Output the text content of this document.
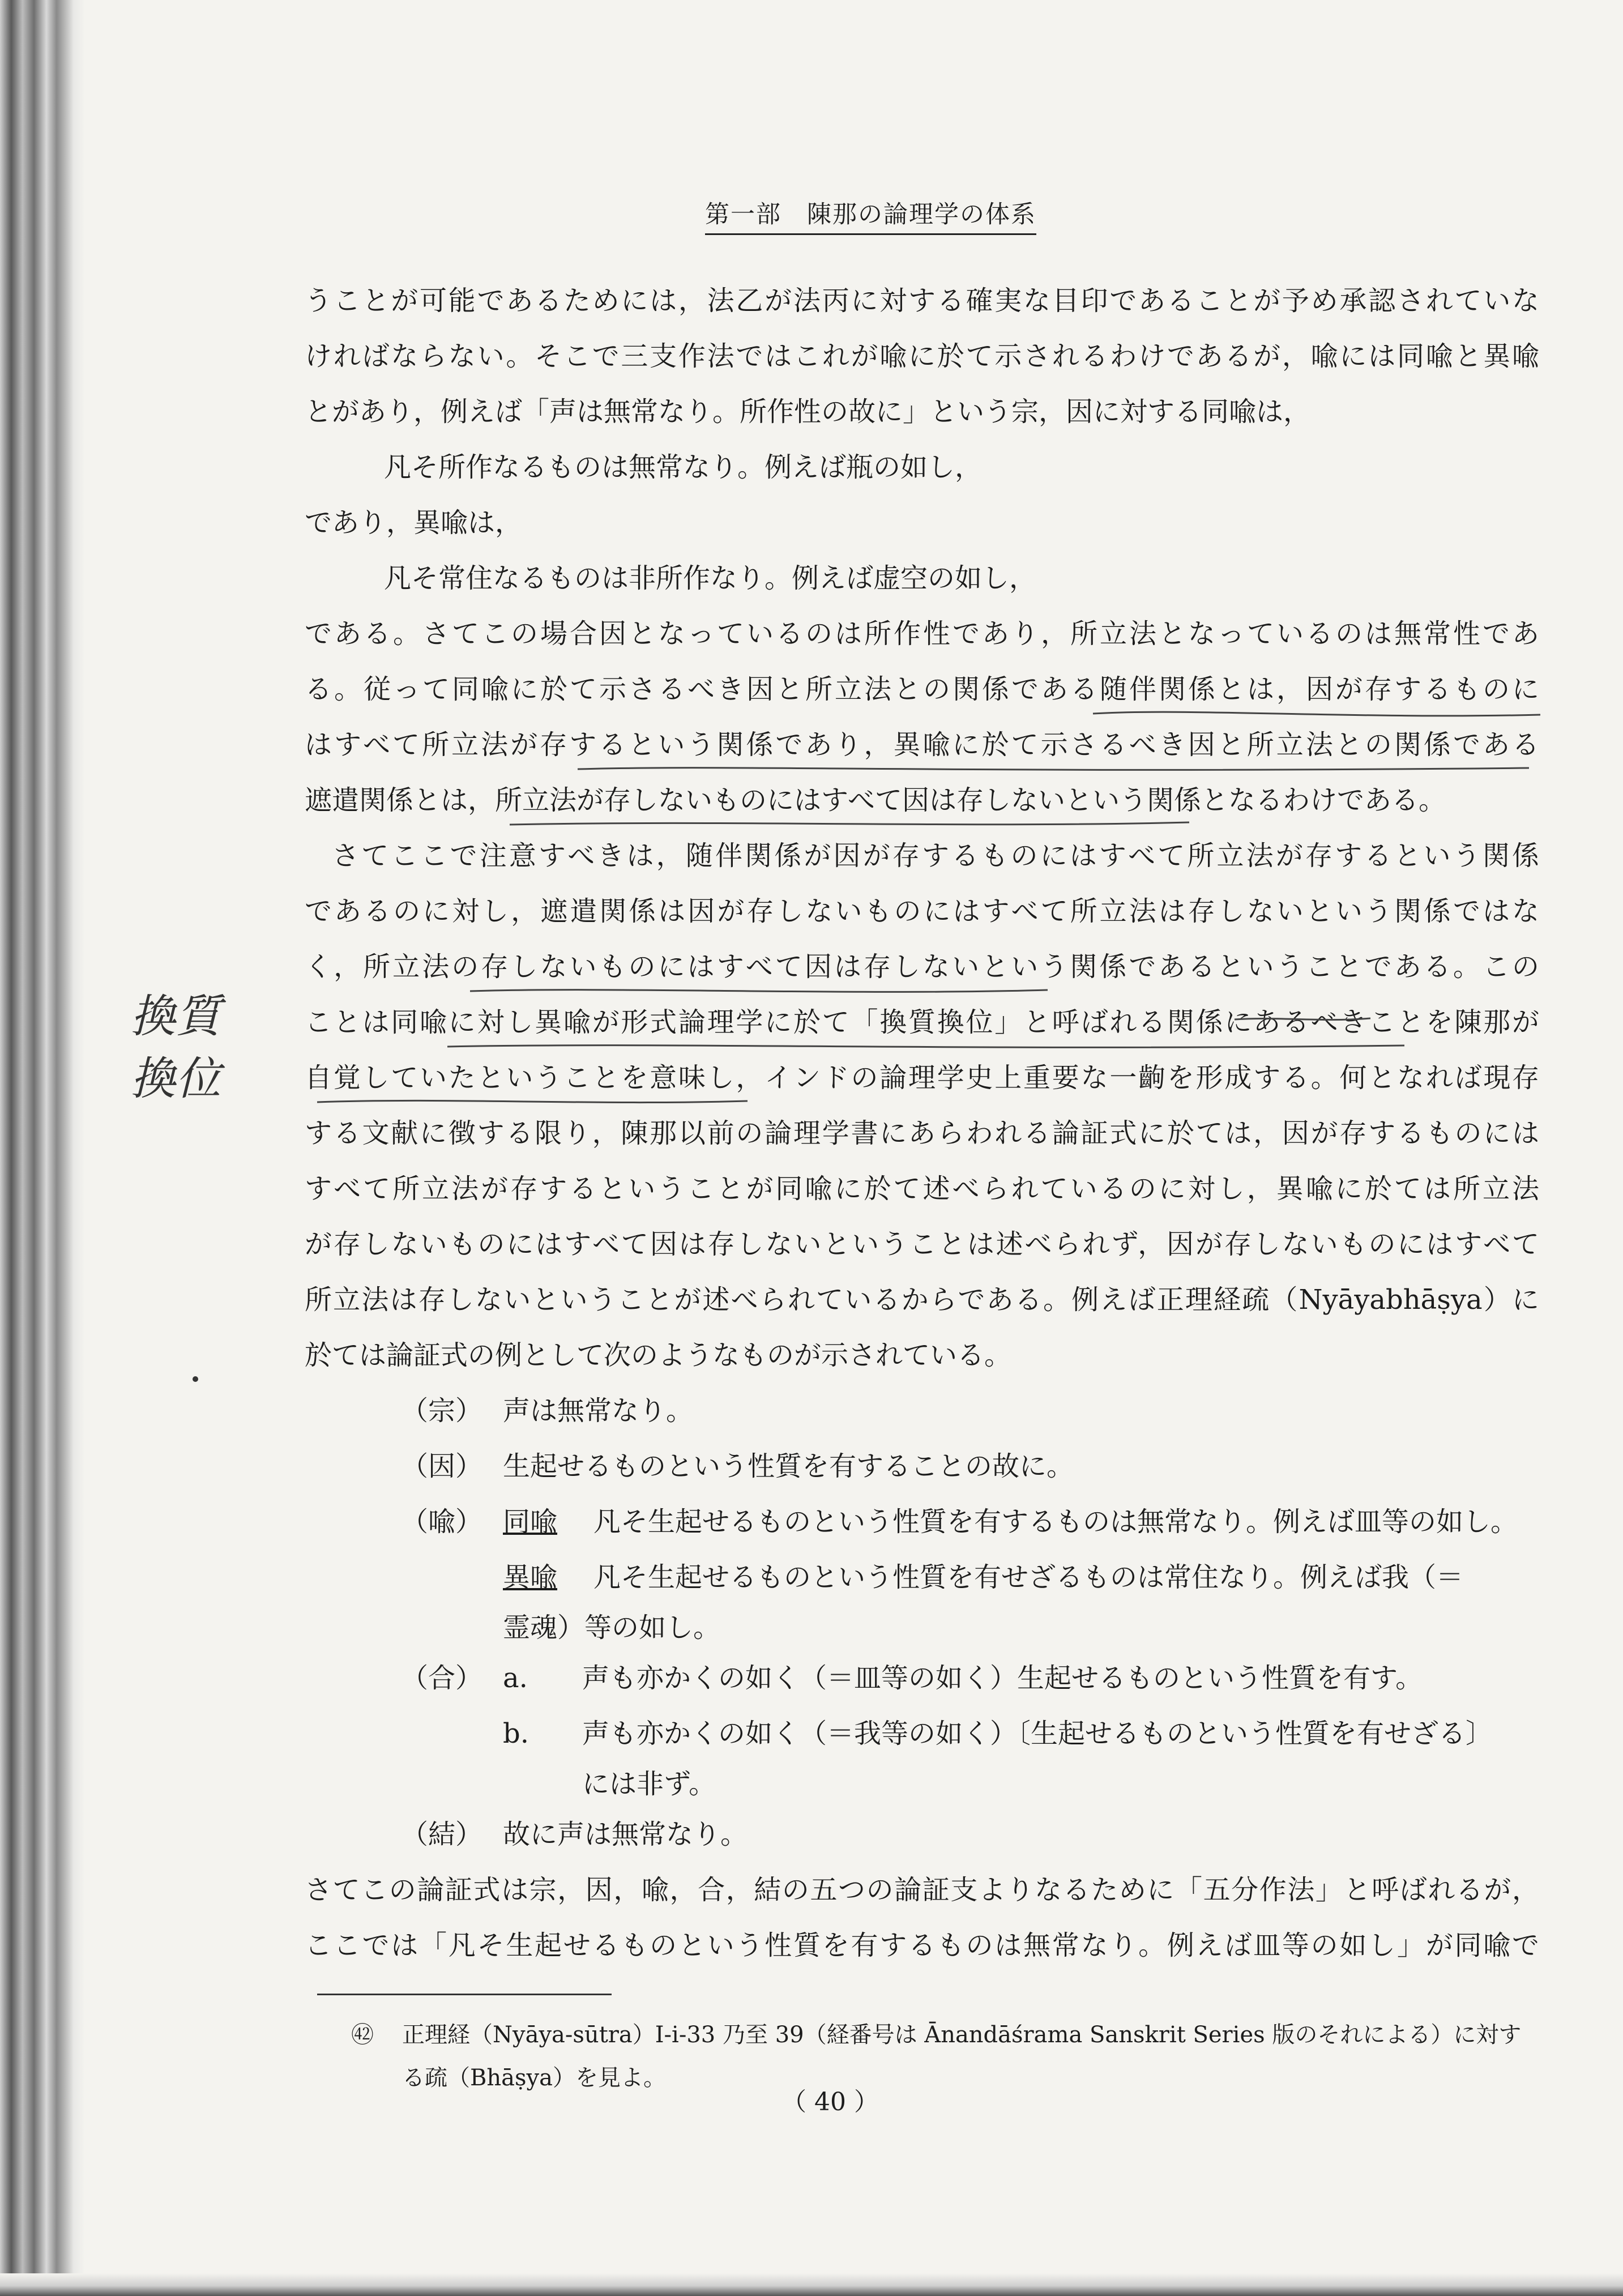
第一部　陳那の論理学の体系

うことが可能であるためには，法乙が法丙に対する確実な目印であることが予め承認されていな

ければならない。そこで三支作法ではこれが喩に於て示されるわけであるが，喩には同喩と異喩

とがあり，例えば「声は無常なり。所作性の故に」という宗，因に対する同喩は，

凡そ所作なるものは無常なり。例えば瓶の如し，

であり，異喩は，

凡そ常住なるものは非所作なり。例えば虚空の如し，

である。さてこの場合因となっているのは所作性であり，所立法となっているのは無常性であ

る。従って同喩に於て示さるべき因と所立法との関係である随伴関係とは，因が存するものに

はすべて所立法が存するという関係であり，異喩に於て示さるべき因と所立法との関係である

遮遣関係とは，所立法が存しないものにはすべて因は存しないという関係となるわけである。

さてここで注意すべきは，随伴関係が因が存するものにはすべて所立法が存するという関係

であるのに対し，遮遣関係は因が存しないものにはすべて所立法は存しないという関係ではな

く，所立法の存しないものにはすべて因は存しないという関係であるということである。この

ことは同喩に対し異喩が形式論理学に於て「換質換位」と呼ばれる関係にあるべきことを陳那が

自覚していたということを意味し，インドの論理学史上重要な一齣を形成する。何となれば現存

する文献に徴する限り，陳那以前の論理学書にあらわれる論証式に於ては，因が存するものには

すべて所立法が存するということが同喩に於て述べられているのに対し，異喩に於ては所立法

が存しないものにはすべて因は存しないということは述べられず，因が存しないものにはすべて

所立法は存しないということが述べられているからである。例えば正理経疏（Nyāyabhāṣya）に

於ては論証式の例として次のようなものが示されている。

（宗） 声は無常なり。
（因） 生起せるものという性質を有することの故に。
（喩） 同喩	凡そ生起せるものという性質を有するものは無常なり。例えば皿等の如し。
異喩	凡そ生起せるものという性質を有せざるものは常住なり。例えば我（＝
霊魂）等の如し。
（合） a.	声も亦かくの如く（＝皿等の如く）生起せるものという性質を有す。
b.	声も亦かくの如く（＝我等の如く）〔生起せるものという性質を有せざる〕
には非ず。
（結） 故に声は無常なり。

さてこの論証式は宗，因，喩，合，結の五つの論証支よりなるために「五分作法」と呼ばれるが，

ここでは「凡そ生起せるものという性質を有するものは無常なり。例えば皿等の如し」が同喩で

換質換位
㊷ 正理経（Nyāya-sūtra）I-i-33 乃至 39（経番号は Ānandāśrama Sanskrit Series 版のそれによる）に対する疏（Bhāṣya）を見よ。
（ 40 ）
